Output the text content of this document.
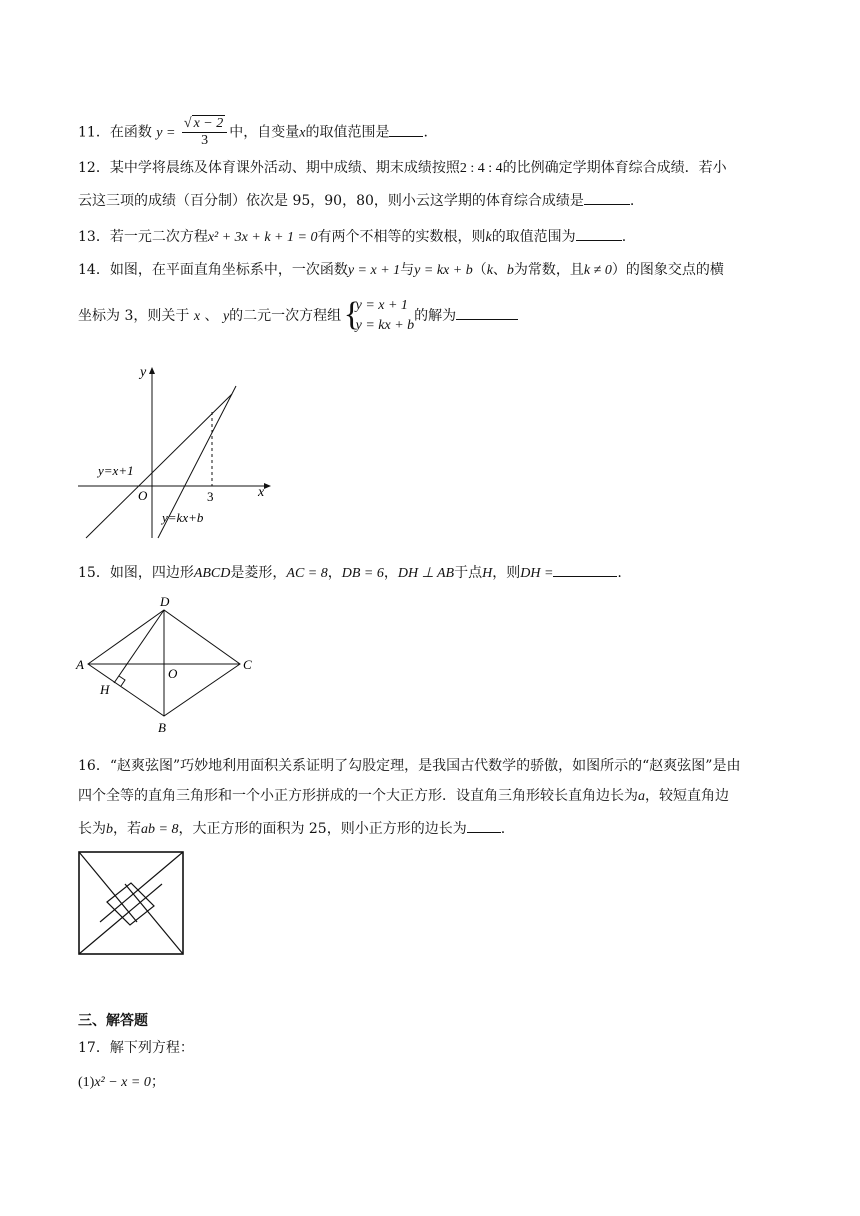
11．在函数 $y = \frac{√ x - 2}{3}$ 中，自变量x的取值范围是 .
12．某中学将晨练及体育课外活动、期中成绩、期末成绩按照2 : 4 : 4的比例确定学期体育综合成绩．若小
云这三项的成绩（百分制）依次是 95，90，80，则小云这学期的体育综合成绩是	.
13．若一元二次方程x² + 3x + k + 1 = 0有两个不相等的实数根，则k的取值范围为	.
14．如图，在平面直角坐标系中，一次函数y = x + 1与y = kx + b（k、b为常数，且k ≠ 0）的图象交点的横
坐标为 3，则关于 x 、 y的二元一次方程组
{ y = x + 1
y = kx + b
的解为
y
x
O	3
y=x+1
y=kx+b
15．如图，四边形ABCD是菱形，AC = 8，DB = 6，DH ⊥ AB于点H，则DH =	.
D
A	C
O
H
B
16．“赵爽弦图”巧妙地利用面积关系证明了勾股定理，是我国古代数学的骄傲，如图所示的“赵爽弦图”是由
四个全等的直角三角形和一个小正方形拼成的一个大正方形．设直角三角形较长直角边长为a，较短直角边
长为b，若ab = 8，大正方形的面积为 25，则小正方形的边长为 .
三、解答题
17．解下列方程：
(1)x² − x = 0；
